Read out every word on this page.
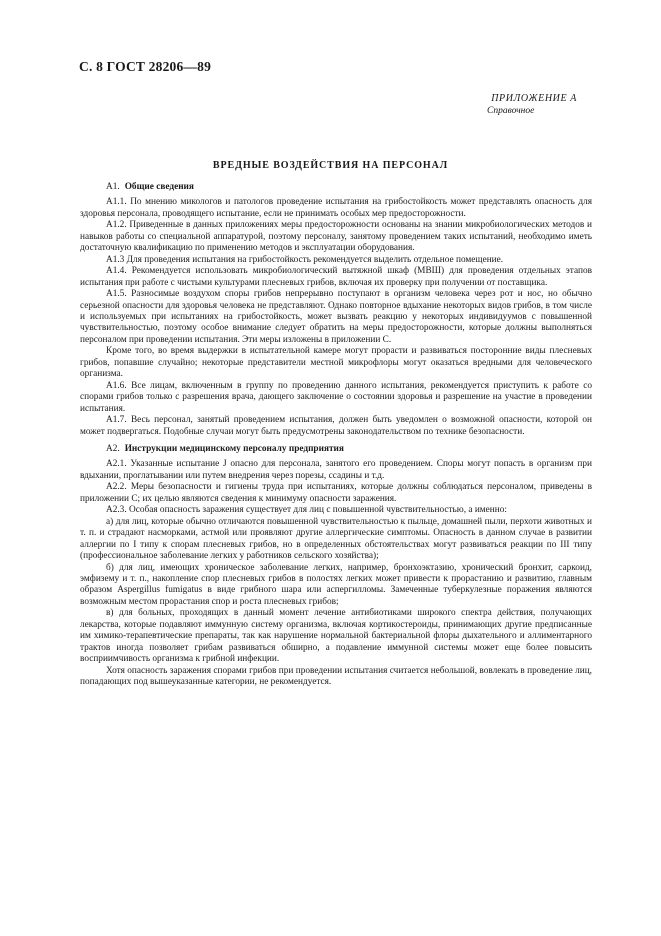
С. 8 ГОСТ 28206—89
ПРИЛОЖЕНИЕ А
Справочное
ВРЕДНЫЕ ВОЗДЕЙСТВИЯ НА ПЕРСОНАЛ
А1. Общие сведения

А1.1. По мнению микологов и патологов проведение испытания на грибостойкость может представлять опасность для здоровья персонала, проводящего испытание, если не принимать особых мер предосторожности.

А1.2. Приведенные в данных приложениях меры предосторожности основаны на знании микробиологических методов и навыков работы со специальной аппаратурой, поэтому персоналу, занятому проведением таких испытаний, необходимо иметь достаточную квалификацию по применению методов и эксплуатации оборудования.

А1.3 Для проведения испытания на грибостойкость рекомендуется выделить отдельное помещение.

А1.4. Рекомендуется использовать микробиологический вытяжной шкаф (МВШ) для проведения отдельных этапов испытания при работе с чистыми культурами плесневых грибов, включая их проверку при получении от поставщика.

А1.5. Разносимые воздухом споры грибов непрерывно поступают в организм человека через рот и нос, но обычно серьезной опасности для здоровья человека не представляют. Однако повторное вдыхание некоторых видов грибов, в том числе и используемых при испытаниях на грибостойкость, может вызвать реакцию у некоторых индивидуумов с повышенной чувствительностью, поэтому особое внимание следует обратить на меры предосторожности, которые должны выполняться персоналом при проведении испытания. Эти меры изложены в приложении С.

Кроме того, во время выдержки в испытательной камере могут прорасти и развиваться посторонние виды плесневых грибов, попавшие случайно; некоторые представители местной микрофлоры могут оказаться вредными для человеческого организма.

А1.6. Все лицам, включенным в группу по проведению данного испытания, рекомендуется приступить к работе со спорами грибов только с разрешения врача, дающего заключение о состоянии здоровья и разрешение на участие в проведении испытания.

А1.7. Весь персонал, занятый проведением испытания, должен быть уведомлен о возможной опасности, которой он может подвергаться. Подобные случаи могут быть предусмотрены законодательством по технике безопасности.

А2. Инструкции медицинскому персоналу предприятия

А2.1. Указанные испытание J опасно для персонала, занятого его проведением. Споры могут попасть в организм при вдыхании, проглатывании или путем внедрения через порезы, ссадины и т.д.

А2.2. Меры безопасности и гигиены труда при испытаниях, которые должны соблюдаться персоналом, приведены в приложении С; их целью являются сведения к минимуму опасности заражения.

А2.3. Особая опасность заражения существует для лиц с повышенной чувствительностью, а именно:

а) для лиц, которые обычно отличаются повышенной чувствительностью к пыльце, домашней пыли, перхоти животных и т. п. и страдают насморками, астмой или проявляют другие аллергические симптомы. Опасность в данном случае в развитии аллергии по I типу к спорам плесневых грибов, но в определенных обстоятельствах могут развиваться реакции по III типу (профессиональное заболевание легких у работников сельского хозяйства);

б) для лиц, имеющих хроническое заболевание легких, например, бронхоэктазию, хронический бронхит, саркоид, эмфизему и т. п., накопление спор плесневых грибов в полостях легких может привести к прорастанию и развитию, главным образом Aspergillus fumigatus в виде грибного шара или аспергилломы. Замеченные туберкулезные поражения являются возможным местом прорастания спор и роста плесневых грибов;

в) для больных, проходящих в данный момент лечение антибиотиками широкого спектра действия, получающих лекарства, которые подавляют иммунную систему организма, включая кортикостероиды, принимающих другие предписанные им химико-терапевтические препараты, так как нарушение нормальной бактериальной флоры дыхательного и аллиментарного трактов иногда позволяет грибам развиваться обширно, а подавление иммунной системы может еще более повысить восприимчивость организма к грибной инфекции.

Хотя опасность заражения спорами грибов при проведении испытания считается небольшой, вовлекать в проведение лиц, попадающих под вышеуказанные категории, не рекомендуется.
